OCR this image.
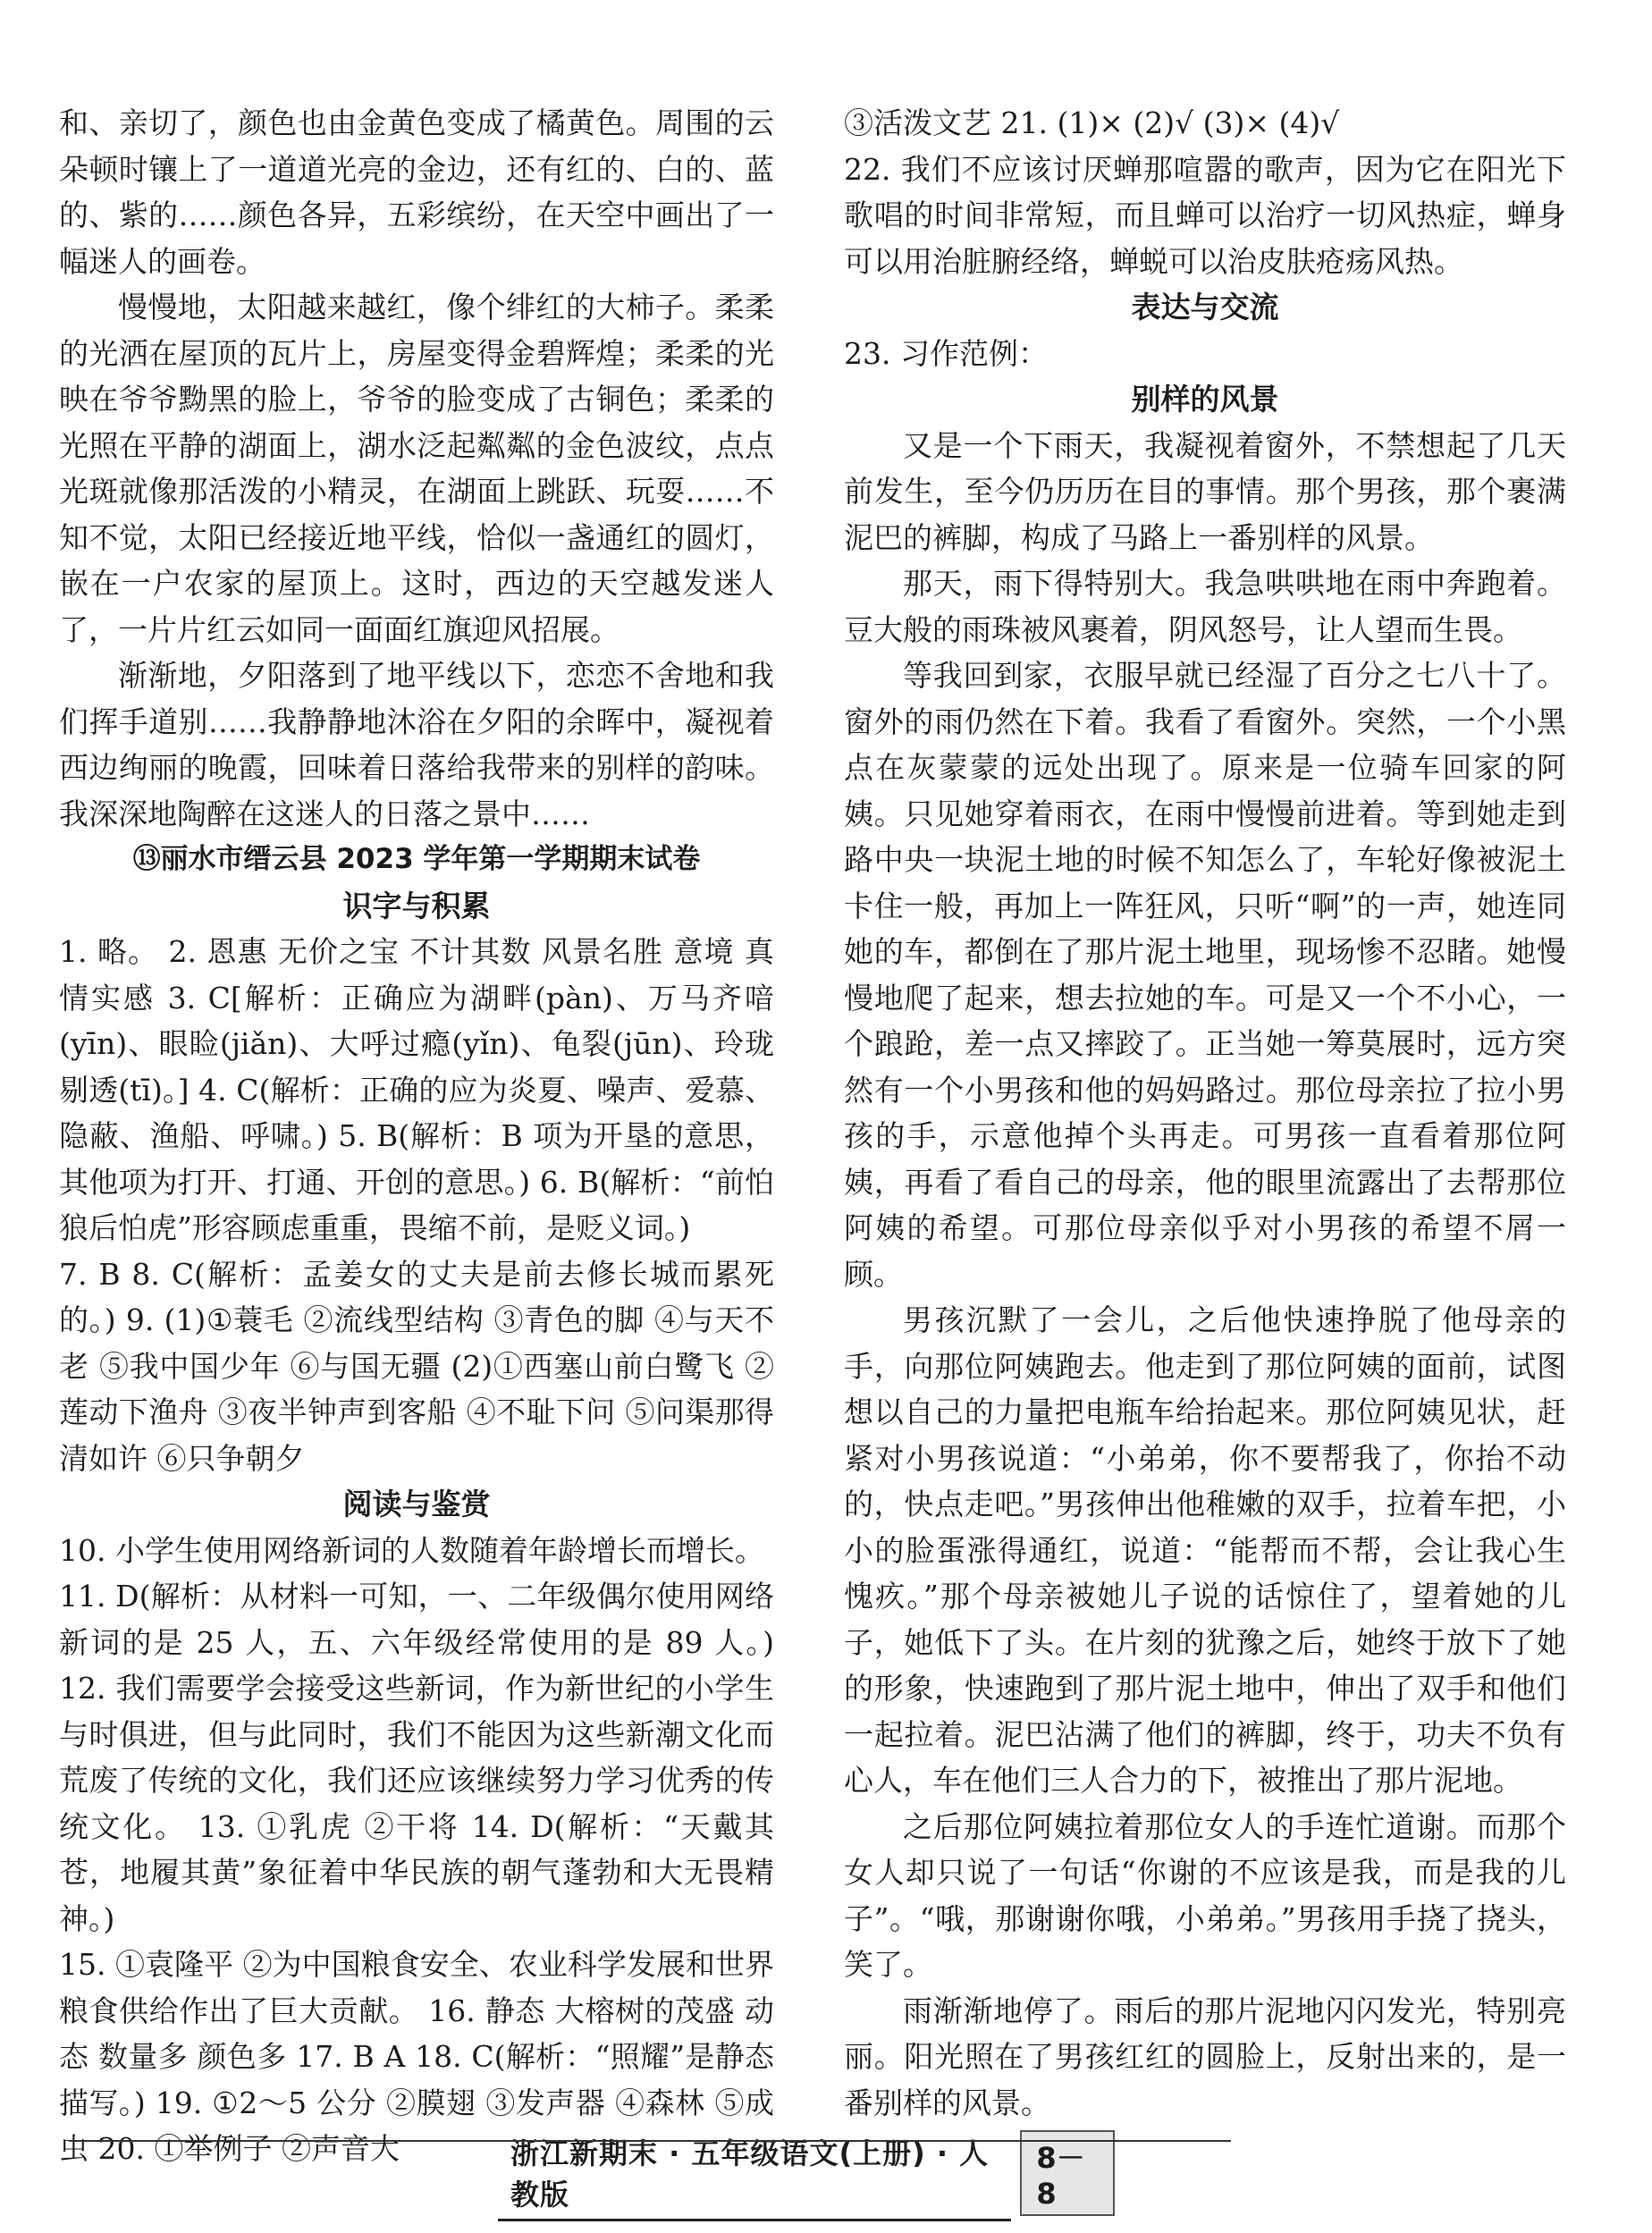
和、亲切了，颜色也由金黄色变成了橘黄色。周围的云朵顿时镶上了一道道光亮的金边，还有红的、白的、蓝的、紫的……颜色各异，五彩缤纷，在天空中画出了一幅迷人的画卷。

慢慢地，太阳越来越红，像个绯红的大柿子。柔柔的光洒在屋顶的瓦片上，房屋变得金碧辉煌；柔柔的光映在爷爷黝黑的脸上，爷爷的脸变成了古铜色；柔柔的光照在平静的湖面上，湖水泛起粼粼的金色波纹，点点光斑就像那活泼的小精灵，在湖面上跳跃、玩耍……不知不觉，太阳已经接近地平线，恰似一盏通红的圆灯，嵌在一户农家的屋顶上。这时，西边的天空越发迷人了，一片片红云如同一面面红旗迎风招展。

渐渐地，夕阳落到了地平线以下，恋恋不舍地和我们挥手道别……我静静地沐浴在夕阳的余晖中，凝视着西边绚丽的晚霞，回味着日落给我带来的别样的韵味。我深深地陶醉在这迷人的日落之景中……

⑬丽水市缙云县 2023 学年第一学期期末试卷

识字与积累

1. 略。 2. 恩惠 无价之宝 不计其数 风景名胜 意境 真情实感 3. C[解析：正确应为湖畔(pàn)、万马齐喑(yīn)、眼睑(jiǎn)、大呼过瘾(yǐn)、龟裂(jūn)、玲珑剔透(tī)。] 4. C(解析：正确的应为炎夏、噪声、爱慕、隐蔽、渔船、呼啸。) 5. B(解析：B 项为开垦的意思，其他项为打开、打通、开创的意思。) 6. B(解析：“前怕狼后怕虎”形容顾虑重重，畏缩不前，是贬义词。)

7. B 8. C(解析：孟姜女的丈夫是前去修长城而累死的。) 9. (1)①蓑毛 ②流线型结构 ③青色的脚 ④与天不老 ⑤我中国少年 ⑥与国无疆 (2)①西塞山前白鹭飞 ②莲动下渔舟 ③夜半钟声到客船 ④不耻下问 ⑤问渠那得清如许 ⑥只争朝夕

阅读与鉴赏

10. 小学生使用网络新词的人数随着年龄增长而增长。

11. D(解析：从材料一可知，一、二年级偶尔使用网络新词的是 25 人，五、六年级经常使用的是 89 人。) 12. 我们需要学会接受这些新词，作为新世纪的小学生与时俱进，但与此同时，我们不能因为这些新潮文化而荒废了传统的文化，我们还应该继续努力学习优秀的传统文化。 13. ①乳虎 ②干将 14. D(解析：“天戴其苍，地履其黄”象征着中华民族的朝气蓬勃和大无畏精神。)

15. ①袁隆平 ②为中国粮食安全、农业科学发展和世界粮食供给作出了巨大贡献。 16. 静态 大榕树的茂盛 动态 数量多 颜色多 17. B A 18. C(解析：“照耀”是静态描写。) 19. ①2～5 公分 ②膜翅 ③发声器 ④森林 ⑤成虫 20. ①举例子 ②声音大

③活泼文艺 21. (1)× (2)√ (3)× (4)√

22. 我们不应该讨厌蝉那喧嚣的歌声，因为它在阳光下歌唱的时间非常短，而且蝉可以治疗一切风热症，蝉身可以用治脏腑经络，蝉蜕可以治皮肤疮疡风热。

表达与交流

23. 习作范例：

别样的风景

又是一个下雨天，我凝视着窗外，不禁想起了几天前发生，至今仍历历在目的事情。那个男孩，那个裹满泥巴的裤脚，构成了马路上一番别样的风景。

那天，雨下得特别大。我急哄哄地在雨中奔跑着。豆大般的雨珠被风裹着，阴风怒号，让人望而生畏。

等我回到家，衣服早就已经湿了百分之七八十了。窗外的雨仍然在下着。我看了看窗外。突然，一个小黑点在灰蒙蒙的远处出现了。原来是一位骑车回家的阿姨。只见她穿着雨衣，在雨中慢慢前进着。等到她走到路中央一块泥土地的时候不知怎么了，车轮好像被泥土卡住一般，再加上一阵狂风，只听“啊”的一声，她连同她的车，都倒在了那片泥土地里，现场惨不忍睹。她慢慢地爬了起来，想去拉她的车。可是又一个不小心，一个踉跄，差一点又摔跤了。正当她一筹莫展时，远方突然有一个小男孩和他的妈妈路过。那位母亲拉了拉小男孩的手，示意他掉个头再走。可男孩一直看着那位阿姨，再看了看自己的母亲，他的眼里流露出了去帮那位阿姨的希望。可那位母亲似乎对小男孩的希望不屑一顾。

男孩沉默了一会儿，之后他快速挣脱了他母亲的手，向那位阿姨跑去。他走到了那位阿姨的面前，试图想以自己的力量把电瓶车给抬起来。那位阿姨见状，赶紧对小男孩说道：“小弟弟，你不要帮我了，你抬不动的，快点走吧。”男孩伸出他稚嫩的双手，拉着车把，小小的脸蛋涨得通红，说道：“能帮而不帮，会让我心生愧疚。”那个母亲被她儿子说的话惊住了，望着她的儿子，她低下了头。在片刻的犹豫之后，她终于放下了她的形象，快速跑到了那片泥土地中，伸出了双手和他们一起拉着。泥巴沾满了他们的裤脚，终于，功夫不负有心人，车在他们三人合力的下，被推出了那片泥地。

之后那位阿姨拉着那位女人的手连忙道谢。而那个女人却只说了一句话“你谢的不应该是我，而是我的儿子”。“哦，那谢谢你哦，小弟弟。”男孩用手挠了挠头，笑了。

雨渐渐地停了。雨后的那片泥地闪闪发光，特别亮丽。阳光照在了男孩红红的圆脸上，反射出来的，是一番别样的风景。

浙江新期末 · 五年级语文(上册) · 人教版
8－8
